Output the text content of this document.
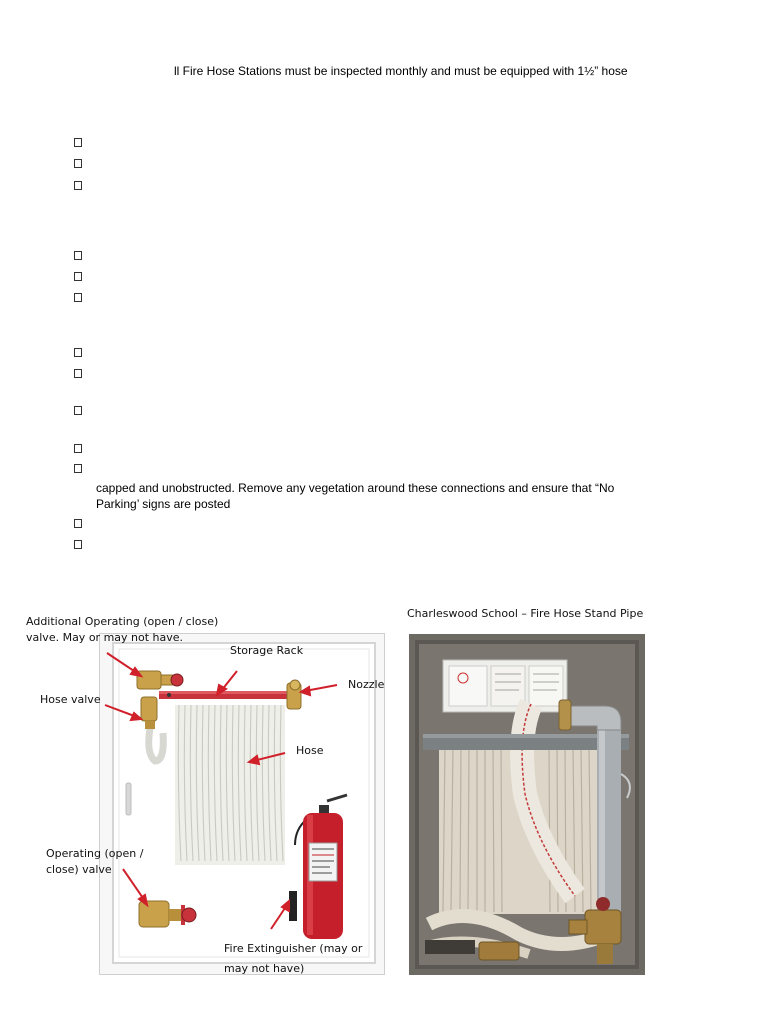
ll Fire Hose Stations must be inspected monthly and must be equipped with 1½” hose
capped and unobstructed. Remove any vegetation around these connections and ensure that “No
Parking’ signs are posted
Additional Operating (open / close)
valve. May or may not have.
Storage Rack
Nozzle
Hose valve
Hose
Operating (open /
close) valve
Fire Extinguisher (may or
may not have)
Charleswood School – Fire Hose Stand Pipe
